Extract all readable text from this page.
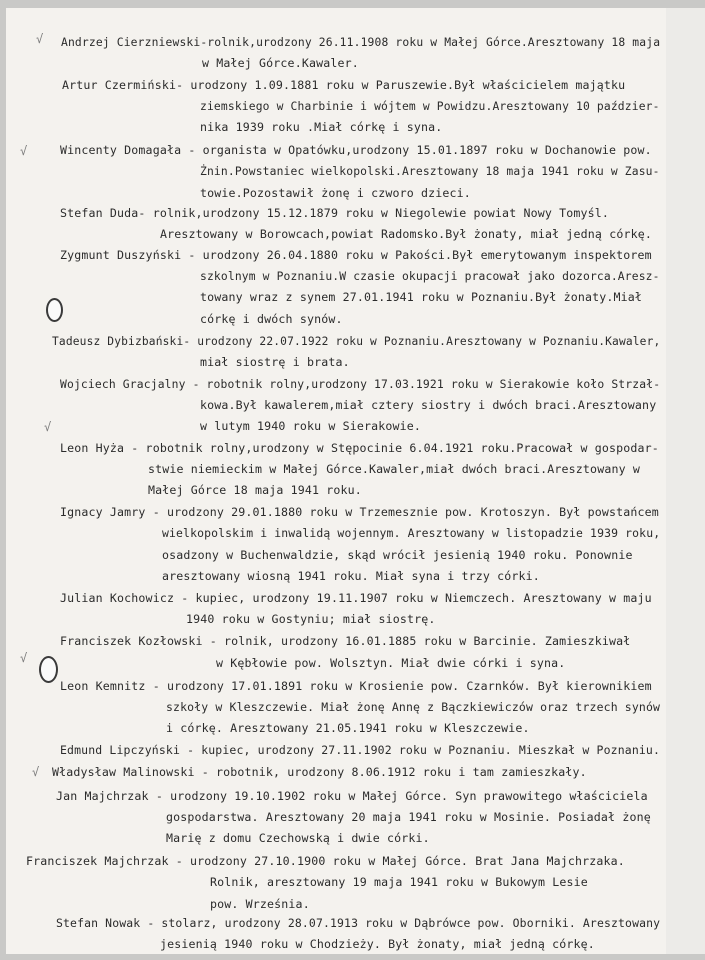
√
√
√
√
√
Andrzej Cierzniewski-rolnik,urodzony 26.11.1908 roku w Małej Górce.Aresztowany 18 maja
w Małej Górce.Kawaler.
Artur Czermiński- urodzony 1.09.1881 roku w Paruszewie.Był właścicielem majątku
ziemskiego w Charbinie i wójtem w Powidzu.Aresztowany 10 paździer-
nika 1939 roku .Miał córkę i syna.
Wincenty Domagała - organista w Opatówku,urodzony 15.01.1897 roku w Dochanowie pow.
Żnin.Powstaniec wielkopolski.Aresztowany 18 maja 1941 roku w Zasu-
towie.Pozostawił żonę i czworo dzieci.
Stefan Duda- rolnik,urodzony 15.12.1879 roku w Niegolewie powiat Nowy Tomyśl.
Aresztowany w Borowcach,powiat Radomsko.Był żonaty, miał jedną córkę.
Zygmunt Duszyński - urodzony 26.04.1880 roku w Pakości.Był emerytowanym inspektorem
szkolnym w Poznaniu.W czasie okupacji pracował jako dozorca.Aresz-
towany wraz z synem 27.01.1941 roku w Poznaniu.Był żonaty.Miał
córkę i dwóch synów.
Tadeusz Dybizbański- urodzony 22.07.1922 roku w Poznaniu.Aresztowany w Poznaniu.Kawaler,
miał siostrę i brata.
Wojciech Gracjalny - robotnik rolny,urodzony 17.03.1921 roku w Sierakowie koło Strzał-
kowa.Był kawalerem,miał cztery siostry i dwóch braci.Aresztowany
w lutym 1940 roku w Sierakowie.
Leon Hyża - robotnik rolny,urodzony w Stępocinie 6.04.1921 roku.Pracował w gospodar-
stwie niemieckim w Małej Górce.Kawaler,miał dwóch braci.Aresztowany w
Małej Górce 18 maja 1941 roku.
Ignacy Jamry - urodzony 29.01.1880 roku w Trzemesznie pow. Krotoszyn. Był powstańcem
wielkopolskim i inwalidą wojennym. Aresztowany w listopadzie 1939 roku,
osadzony w Buchenwaldzie, skąd wrócił jesienią 1940 roku. Ponownie
aresztowany wiosną 1941 roku. Miał syna i trzy córki.
Julian Kochowicz - kupiec, urodzony 19.11.1907 roku w Niemczech. Aresztowany w maju
1940 roku w Gostyniu; miał siostrę.
Franciszek Kozłowski - rolnik, urodzony 16.01.1885 roku w Barcinie. Zamieszkiwał
w Kębłowie pow. Wolsztyn. Miał dwie córki i syna.
Leon Kemnitz - urodzony 17.01.1891 roku w Krosienie pow. Czarnków. Był kierownikiem
szkoły w Kleszczewie. Miał żonę Annę z Bączkiewiczów oraz trzech synów
i córkę. Aresztowany 21.05.1941 roku w Kleszczewie.
Edmund Lipczyński - kupiec, urodzony 27.11.1902 roku w Poznaniu. Mieszkał w Poznaniu.
Władysław Malinowski - robotnik, urodzony 8.06.1912 roku i tam zamieszkały.
Jan Majchrzak - urodzony 19.10.1902 roku w Małej Górce. Syn prawowitego właściciela
gospodarstwa. Aresztowany 20 maja 1941 roku w Mosinie. Posiadał żonę
Marię z domu Czechowską i dwie córki.
Franciszek Majchrzak - urodzony 27.10.1900 roku w Małej Górce. Brat Jana Majchrzaka.
Rolnik, aresztowany 19 maja 1941 roku w Bukowym Lesie
pow. Września.
Stefan Nowak - stolarz, urodzony 28.07.1913 roku w Dąbrówce pow. Oborniki. Aresztowany
jesienią 1940 roku w Chodzieży. Był żonaty, miał jedną córkę.
